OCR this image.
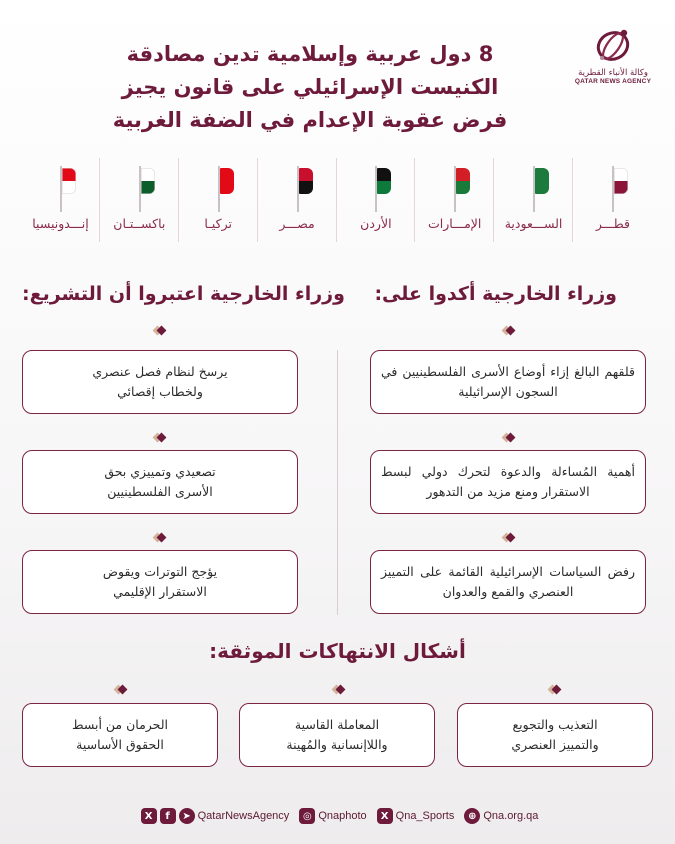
وكالة الأنباء القطرية
QATAR NEWS AGENCY
8 دول عربية وإسلامية تدين مصادقة
الكنيست الإسرائيلي على قانون يجيز
فرض عقوبة الإعدام في الضفة الغربية
قطـــر
الســـعودية
الإمـــارات
الأردن
مصـــر
تركيـا
باكســتـان
إنـــدونيسيا
وزراء الخارجية أكدوا على:
وزراء الخارجية اعتبروا أن التشريع:
قلقهم البالغ إزاء أوضاع الأسرى الفلسطينيين في السجون الإسرائيلية
أهمية المُساءلة والدعوة لتحرك دولي لبسط الاستقرار ومنع مزيد من التدهور
رفض السياسات الإسرائيلية القائمة على التمييز العنصري والقمع والعدوان
يرسخ لنظام فصل عنصري ولخطاب إقصائي
تصعيدي وتمييزي بحق الأسرى الفلسطينيين
يؤجج التوترات ويقوض الاستقرار الإقليمي
أشكال الانتهاكات الموثقة:
التعذيب والتجويع والتمييز العنصري
المعاملة القاسية واللاإنسانية والمُهينة
الحرمان من أبسط الحقوق الأساسية
X	f	➤ QatarNewsAgency	◎ Qnaphoto	X Qna_Sports	⊕ Qna.org.qa
